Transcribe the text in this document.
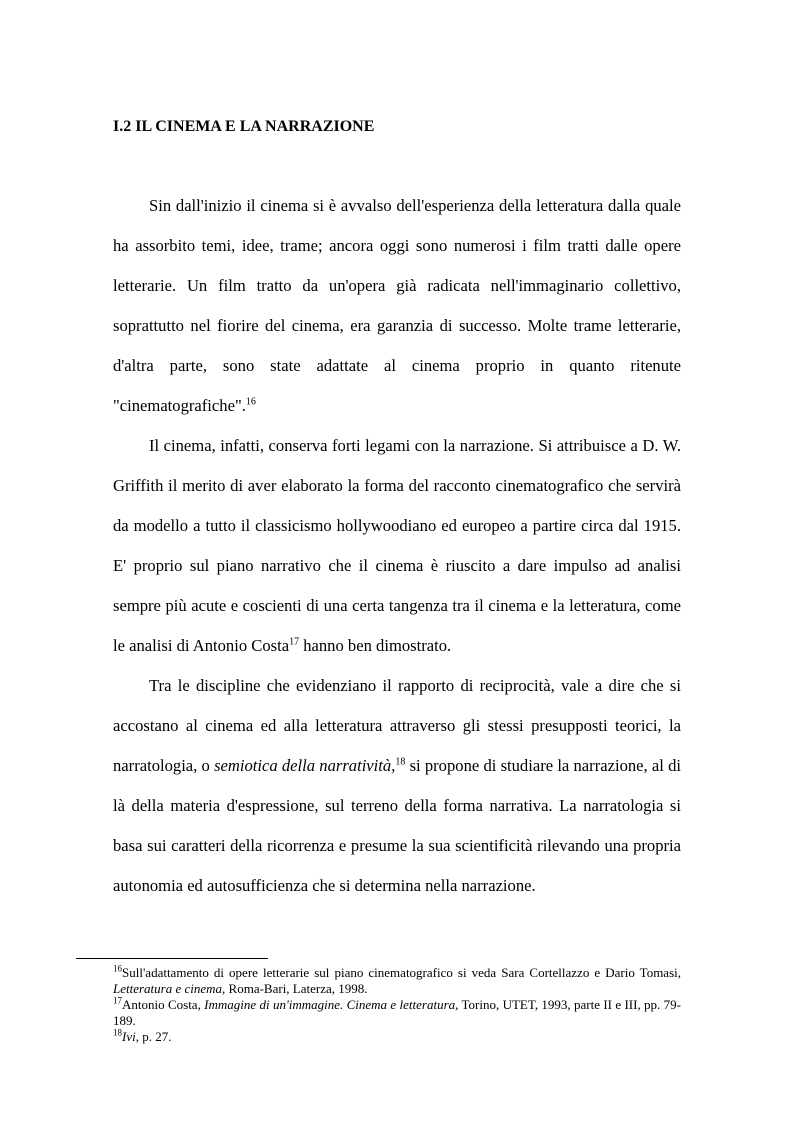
I.2 IL CINEMA E LA NARRAZIONE

Sin dall'inizio il cinema si è avvalso dell'esperienza della letteratura dalla quale ha assorbito temi, idee, trame; ancora oggi sono numerosi i film tratti dalle opere letterarie. Un film tratto da un'opera già radicata nell'immaginario collettivo, soprattutto nel fiorire del cinema, era garanzia di successo. Molte trame letterarie, d'altra parte, sono state adattate al cinema proprio in quanto ritenute "cinematografiche".$^{16}$

Il cinema, infatti, conserva forti legami con la narrazione. Si attribuisce a D. W. Griffith il merito di aver elaborato la forma del racconto cinematografico che servirà da modello a tutto il classicismo hollywoodiano ed europeo a partire circa dal 1915. E' proprio sul piano narrativo che il cinema è riuscito a dare impulso ad analisi sempre più acute e coscienti di una certa tangenza tra il cinema e la letteratura, come le analisi di Antonio Costa$^{17}$ hanno ben dimostrato.

Tra le discipline che evidenziano il rapporto di reciprocità, vale a dire che si accostano al cinema ed alla letteratura attraverso gli stessi presupposti teorici, la narratologia, o semiotica della narratività,$^{18}$ si propone di studiare la narrazione, al di là della materia d'espressione, sul terreno della forma narrativa. La narratologia si basa sui caratteri della ricorrenza e presume la sua scientificità rilevando una propria autonomia ed autosufficienza che si determina nella narrazione.

$^{16}$Sull'adattamento di opere letterarie sul piano cinematografico si veda Sara Cortellazzo e Dario Tomasi, Letteratura e cinema, Roma-Bari, Laterza, 1998.

$^{17}$Antonio Costa, Immagine di un'immagine. Cinema e letteratura, Torino, UTET, 1993, parte II e III, pp. 79-189.

$^{18}$Ivi, p. 27.
